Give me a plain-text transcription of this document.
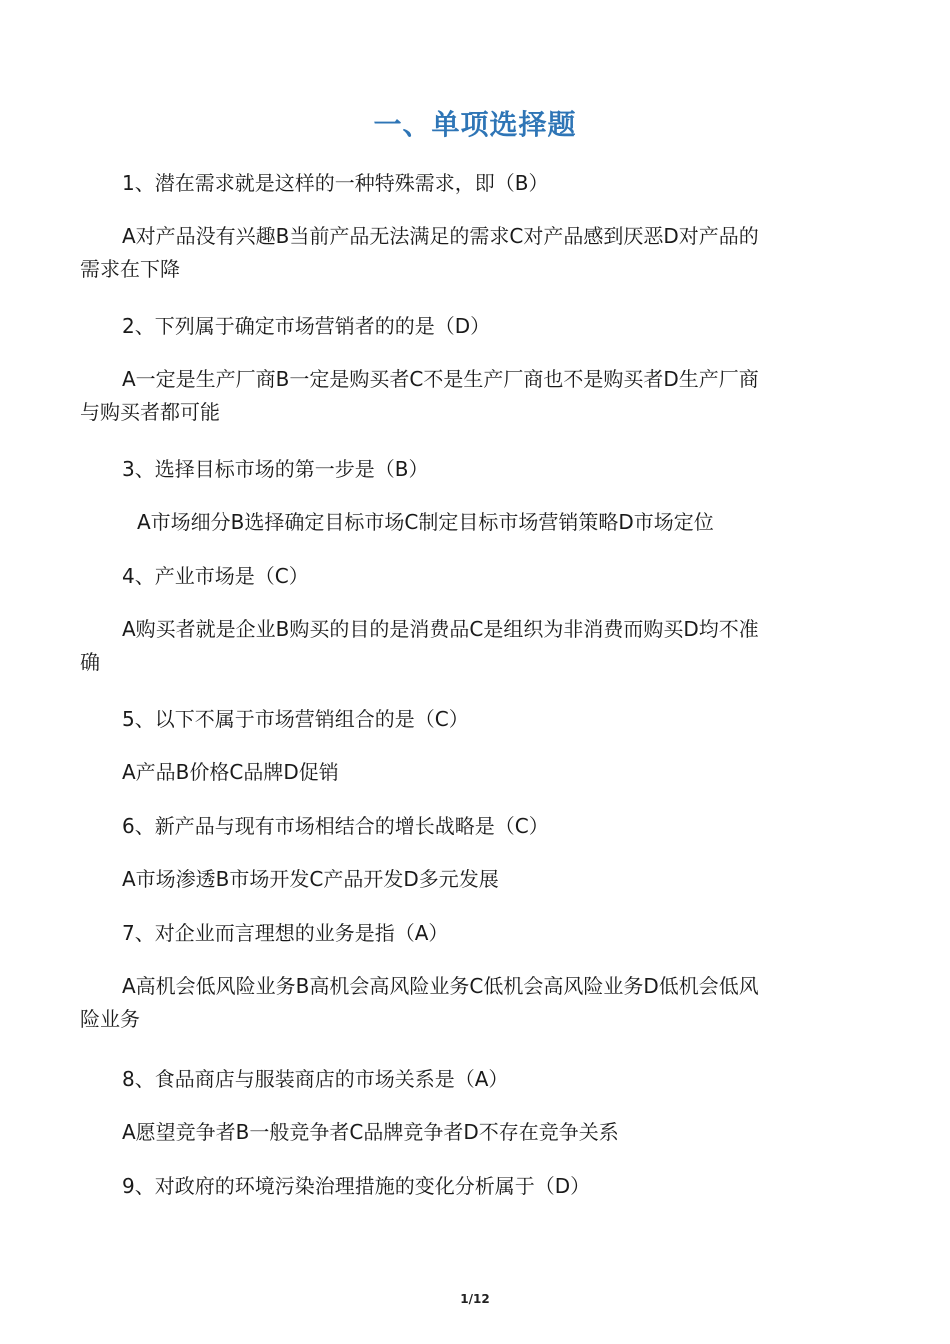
一、单项选择题
1、潜在需求就是这样的一种特殊需求，即（B）
A对产品没有兴趣B当前产品无法满足的需求C对产品感到厌恶D对产品的
需求在下降
2、下列属于确定市场营销者的的是（D）
A一定是生产厂商B一定是购买者C不是生产厂商也不是购买者D生产厂商
与购买者都可能
3、选择目标市场的第一步是（B）
A市场细分B选择确定目标市场C制定目标市场营销策略D市场定位
4、产业市场是（C）
A购买者就是企业B购买的目的是消费品C是组织为非消费而购买D均不准
确
5、以下不属于市场营销组合的是（C）
A产品B价格C品牌D促销
6、新产品与现有市场相结合的增长战略是（C）
A市场渗透B市场开发C产品开发D多元发展
7、对企业而言理想的业务是指（A）
A高机会低风险业务B高机会高风险业务C低机会高风险业务D低机会低风
险业务
8、食品商店与服装商店的市场关系是（A）
A愿望竞争者B一般竞争者C品牌竞争者D不存在竞争关系
9、对政府的环境污染治理措施的变化分析属于（D）
1/12
